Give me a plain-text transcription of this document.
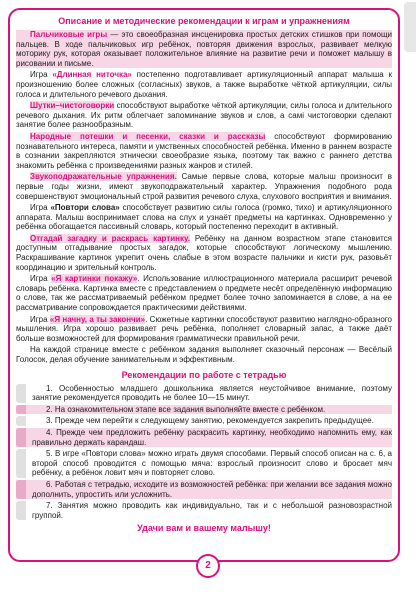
Описание и методические рекомендации к играм и упражнениям
Пальчиковые игры — это своеобразная инсценировка простых детских стишков при помощи пальцев. В ходе пальчиковых игр ребёнок, повторяя движения взрослых, развивает мелкую моторику рук, которая оказывает положительное влияние на развитие речи и поможет малышу в рисовании и письме.
Игра «Длинная ниточка» постепенно подготавливает артикуляционный аппарат малыша к произношению более сложных (согласных) звуков, а также выработке чёткой артикуляции, силы голоса и длительного речевого дыхания.
Шутки–чистоговорки способствуют выработке чёткой артикуляции, силы голоса и длительного речевого дыхания. Их ритм облегчает запоминание звуков и слов, а самі чистоговорки сделают занятие более разнообразным.
Народные потешки и песенки, сказки и рассказы способствуют формированию познавательного интереса, памяти и умственных способностей ребёнка. Именно в раннем возрасте в сознании закрепляются этнически своеобразие языка, поэтому так важно с раннего детства знакомить ребёнка с произведениями разных жанров и стилей.
Звукоподражательные упражнения. Самые первые слова, которые малыш произносит в первые годы жизни, имеют звукоподражательный характер. Упражнения подобного рода совершенствуют эмоциональный строй развития речевого слуха, слухового восприятия и внимания.
Игра «Повтори слова» способствует развитию силы голоса (громко, тихо) и артикуляционного аппарата. Малыш воспринимает слова на слух и узнаёт предметы на картинках. Одновременно у ребёнка обогащается пассивный словарь, который постепенно переходит в активный.
Отгадай загадку и раскрась картинку. Ребёнку на данном возрастном этапе становится доступным отгадывание простых загадок, которые способствуют логическому мышлению. Раскрашивание картинок укрепит очень слабые в этом возрасте пальчики и кисти рук, разовьёт координацию и зрительный контроль.
Игра «Я картинки покажу». Использование иллюстрационного материала расширит речевой словарь ребёнка. Картинка вместе с представлением о предмете несёт определённую информацию о слове, так же рассматриваемый ребёнком предмет более точно запоминается в слове, а на ее рассматривание сопровождается практическими действиями.
Игра «Я начну, а ты закончи». Сюжетные картинки способствуют развитию наглядно-образного мышления. Игра хорошо развивает речь ребёнка, пополняет словарный запас, а также даёт больше возможностей для формирования грамматически правильной речи.
На каждой странице вместе с ребёнком задания выполняет сказочный персонаж — Весёлый Голосок, делая обучение занимательным и эффективным.
Рекомендации по работе с тетрадью
1. Особенностью младшего дошкольника является неустойчивое внимание, поэтому занятие рекомендуется проводить не более 10—15 минут.
2. На ознакомительном этапе все задания выполняйте вместе с ребёнком.
3. Прежде чем перейти к следующему занятию, рекомендуется закрепить предыдущее.
4. Прежде чем предложить ребёнку раскрасить картинку, необходимо напомнить ему, как правильно держать карандаш.
5. В игре «Повтори слова» можно играть двумя способами. Первый способ описан на с. 6, а второй способ проводится с помощью мяча: взрослый произносит слово и бросает мяч ребёнку, а ребёнок ловит мяч и повторяет слово.
6. Работая с тетрадью, исходите из возможностей ребёнка: при желании все задания можно дополнить, упростить или усложнить.
7. Занятия можно проводить как индивидуально, так и с небольшой разновозрастной группой.
Удачи вам и вашему малышу!
2
